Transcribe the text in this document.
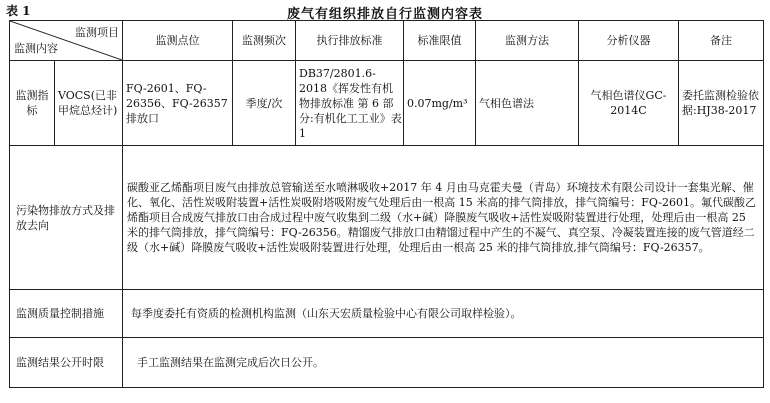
表 1	废气有组织排放自行监测内容表
监测项目
监测内容		监测点位	监测频次	执行排放标准	标准限值	监测方法	分析仪器	备注
监测指标	VOCS(已非甲烷总烃计)	FQ-2601、FQ-26356、FQ-26357排放口	季度/次	DB37/2801.6-2018《挥发性有机物排放标准 第 6 部分:有机化工工业》表 1	0.07mg/m³	气相色谱法	气相色谱仪GC-2014C	委托监测检验依据:HJ38-2017
污染物排放方式及排放去向		碳酸亚乙烯酯项目废气由排放总管输送至水喷淋吸收+2017 年 4 月由马克霍夫曼（青岛）环境技术有限公司设计一套集光解、催化、氧化、活性炭吸附装置+活性炭吸附塔吸附废气处理后由一根高 15 米高的排气筒排放，排气筒编号：FQ-2601。氟代碳酸乙烯酯项目合成废气排放口由合成过程中废气收集到二级（水+碱）降膜废气吸收+活性炭吸附装置进行处理，处理后由一根高 25 米的排气筒排放，排气筒编号：FQ-26356。精馏废气排放口由精馏过程中产生的不凝气、真空泵、冷凝装置连接的废气管道经二级（水+碱）降膜废气吸收+活性炭吸附装置进行处理，处理后由一根高 25 米的排气筒排放,排气筒编号：FQ-26357。						
监测质量控制措施		每季度委托有资质的检测机构监测（山东天宏质量检验中心有限公司取样检验）。						
监测结果公开时限		手工监测结果在监测完成后次日公开。						
